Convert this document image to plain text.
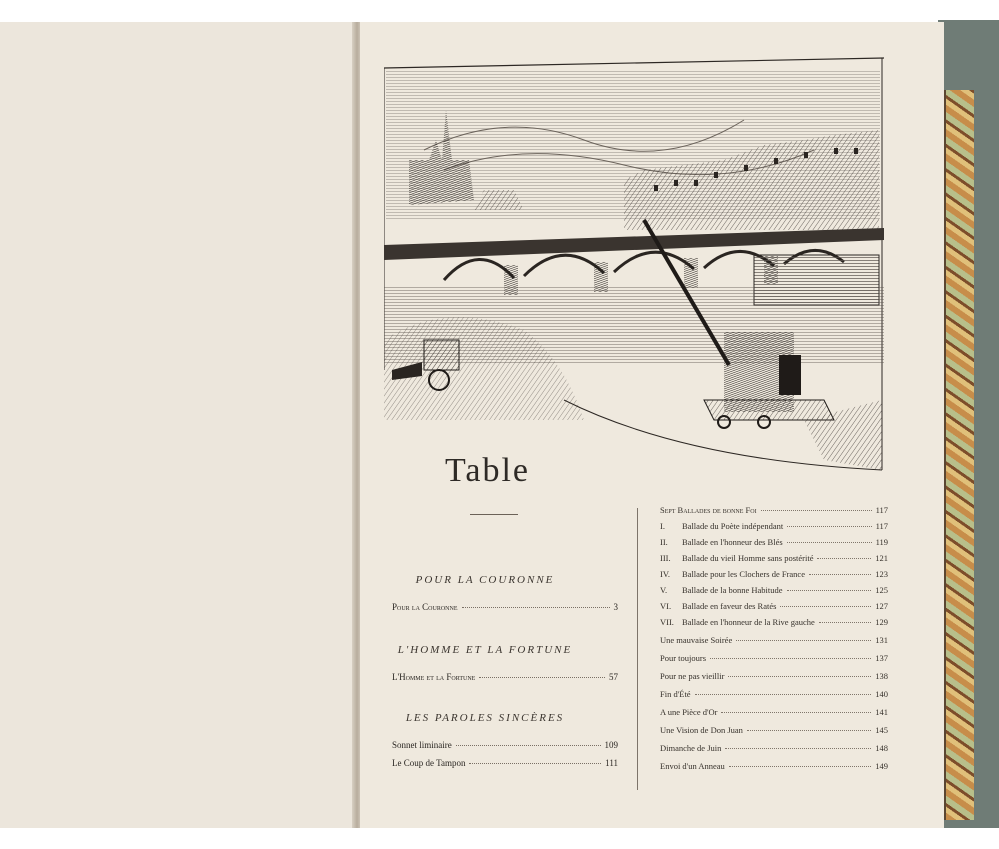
Table
POUR LA COURONNE
Pour la Couronne	3
L'HOMME ET LA FORTUNE
L'Homme et la Fortune	57
LES PAROLES SINCÈRES
Sonnet liminaire	109
Le Coup de Tampon	111
Sept Ballades de bonne Foi	117
I.	Ballade du Poète indépendant	117
II.	Ballade en l'honneur des Blés	119
III.	Ballade du vieil Homme sans postérité	121
IV.	Ballade pour les Clochers de France	123
V.	Ballade de la bonne Habitude	125
VI.	Ballade en faveur des Ratés	127
VII. Ballade en l'honneur de la Rive gauche	129
Une mauvaise Soirée	131
Pour toujours	137
Pour ne pas vieillir	138
Fin d'Été	140
A une Pièce d'Or	141
Une Vision de Don Juan	145
Dimanche de Juin	148
Envoi d'un Anneau	149
